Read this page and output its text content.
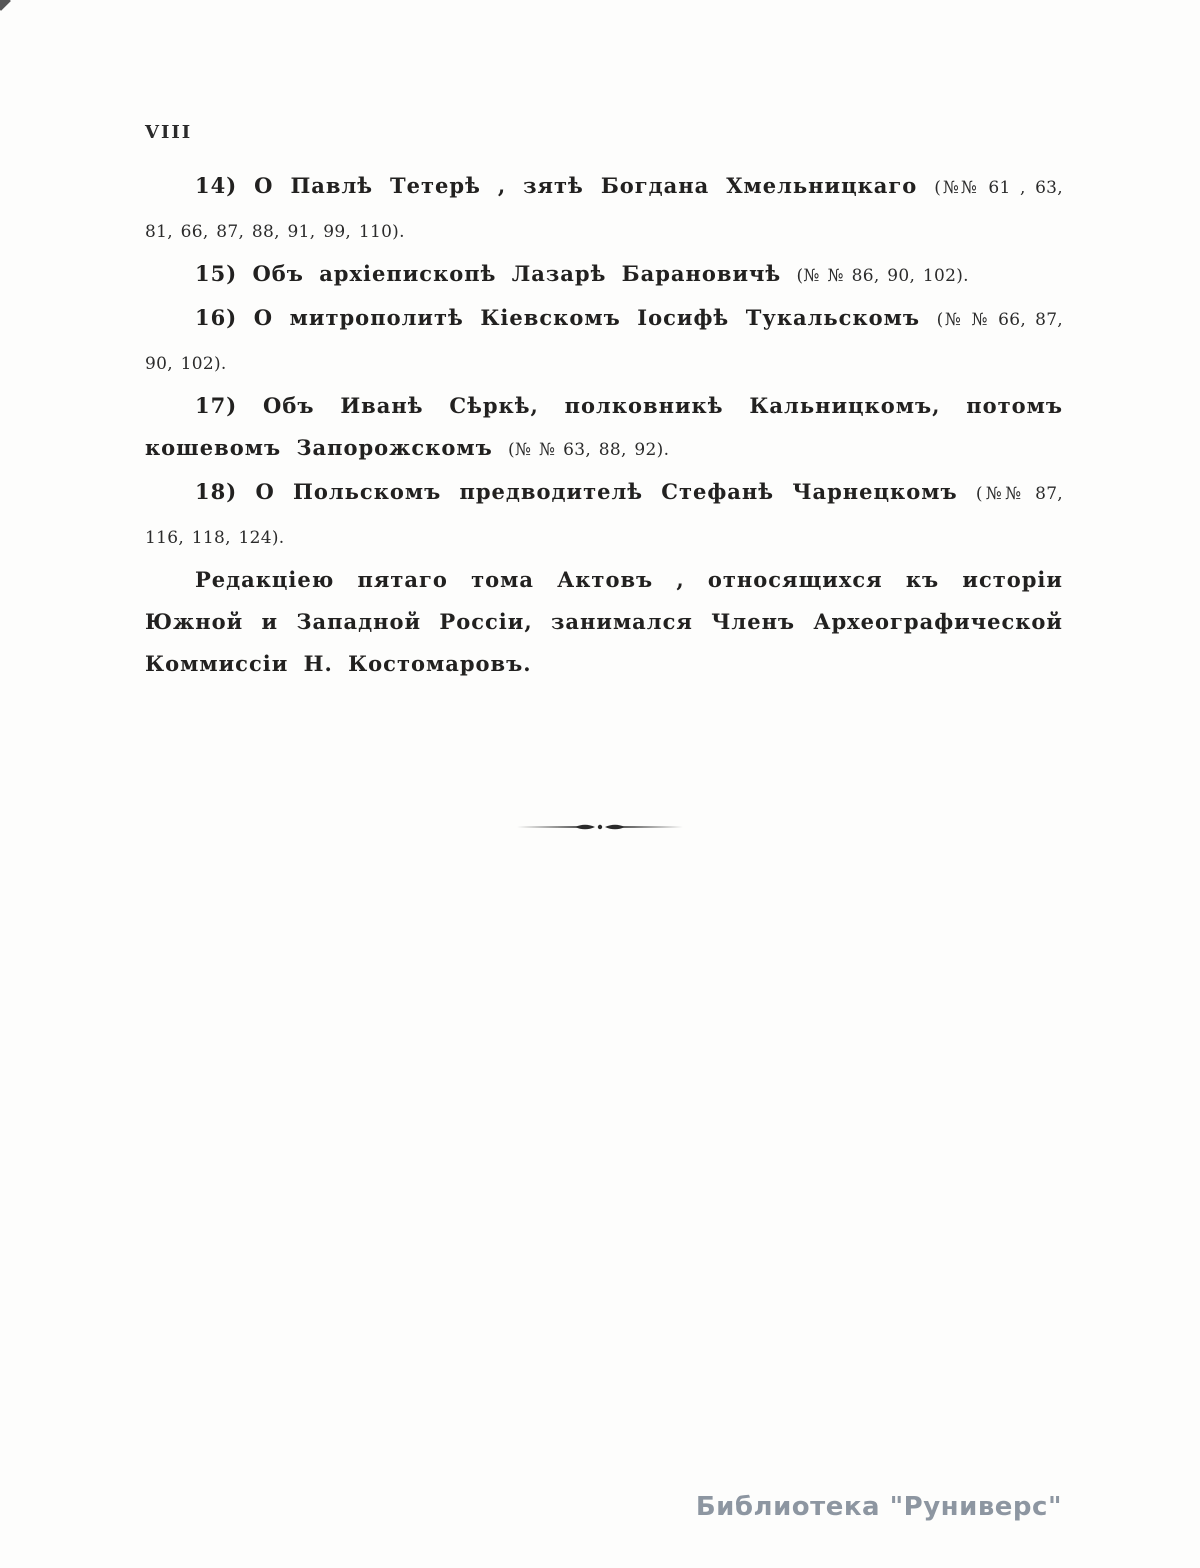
VIII

14) О Павлѣ Тетерѣ , зятѣ Богдана Хмельницкаго (№№ 61 , 63, 81, 66, 87, 88, 91, 99, 110).

15) Объ архіепископѣ Лазарѣ Барановичѣ (№ № 86, 90, 102).

16) О митрополитѣ Кіевскомъ Іосифѣ Тукальскомъ (№ № 66, 87, 90, 102).

17) Объ Иванѣ Сѣркѣ, полковникѣ Кальницкомъ, потомъ кошевомъ Запорожскомъ (№ № 63, 88, 92).

18) О Польскомъ предводителѣ Стефанѣ Чарнецкомъ (№№ 87, 116, 118, 124).

Редакціею пятаго тома Актовъ , относящихся къ исторіи Южной и Западной Россіи, занимался Членъ Археографической Коммиссіи Н. Костомаровъ.

Библиотека "Руниверс"
